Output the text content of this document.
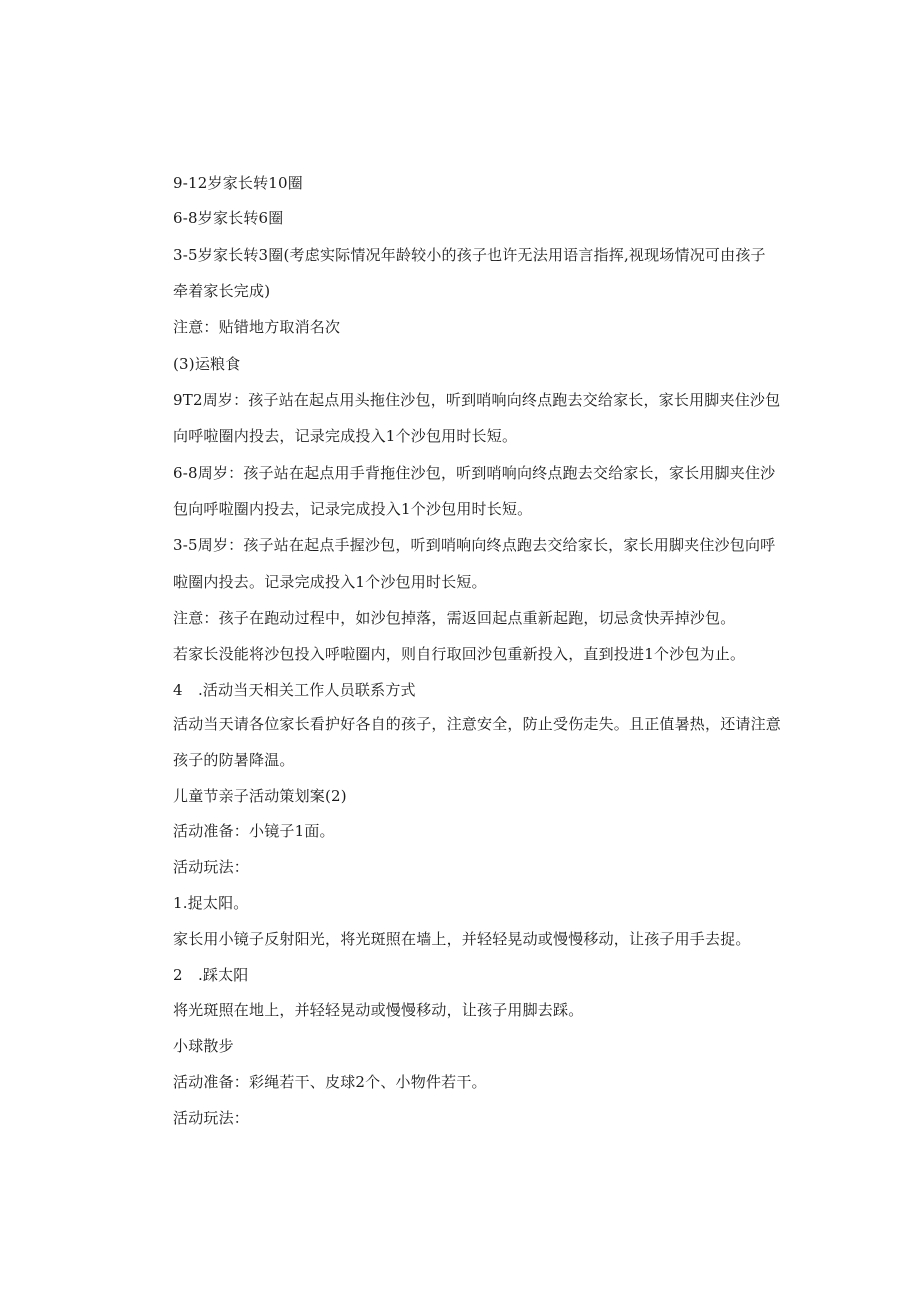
9-12岁家长转10圈
6-8岁家长转6圈
3-5岁家长转3圈(考虑实际情况年龄较小的孩子也许无法用语言指挥,视现场情况可由孩子
牵着家长完成)
注意：贴错地方取消名次
(3)运粮食
9T2周岁：孩子站在起点用头拖住沙包，听到哨响向终点跑去交给家长，家长用脚夹住沙包
向呼啦圈内投去，记录完成投入1个沙包用时长短。
6-8周岁：孩子站在起点用手背拖住沙包，听到哨响向终点跑去交给家长，家长用脚夹住沙
包向呼啦圈内投去，记录完成投入1个沙包用时长短。
3-5周岁：孩子站在起点手握沙包，听到哨响向终点跑去交给家长，家长用脚夹住沙包向呼
啦圈内投去。记录完成投入1个沙包用时长短。
注意：孩子在跑动过程中，如沙包掉落，需返回起点重新起跑，切忌贪快弄掉沙包。
若家长没能将沙包投入呼啦圈内，则自行取回沙包重新投入，直到投进1个沙包为止。
4　.活动当天相关工作人员联系方式
活动当天请各位家长看护好各自的孩子，注意安全，防止受伤走失。且正值暑热，还请注意
孩子的防暑降温。
儿童节亲子活动策划案(2)
活动准备：小镜子1面。
活动玩法：
1.捉太阳。
家长用小镜子反射阳光，将光斑照在墙上，并轻轻晃动或慢慢移动，让孩子用手去捉。
2　.踩太阳
将光斑照在地上，并轻轻晃动或慢慢移动，让孩子用脚去踩。
小球散步
活动准备：彩绳若干、皮球2个、小物件若干。
活动玩法：
